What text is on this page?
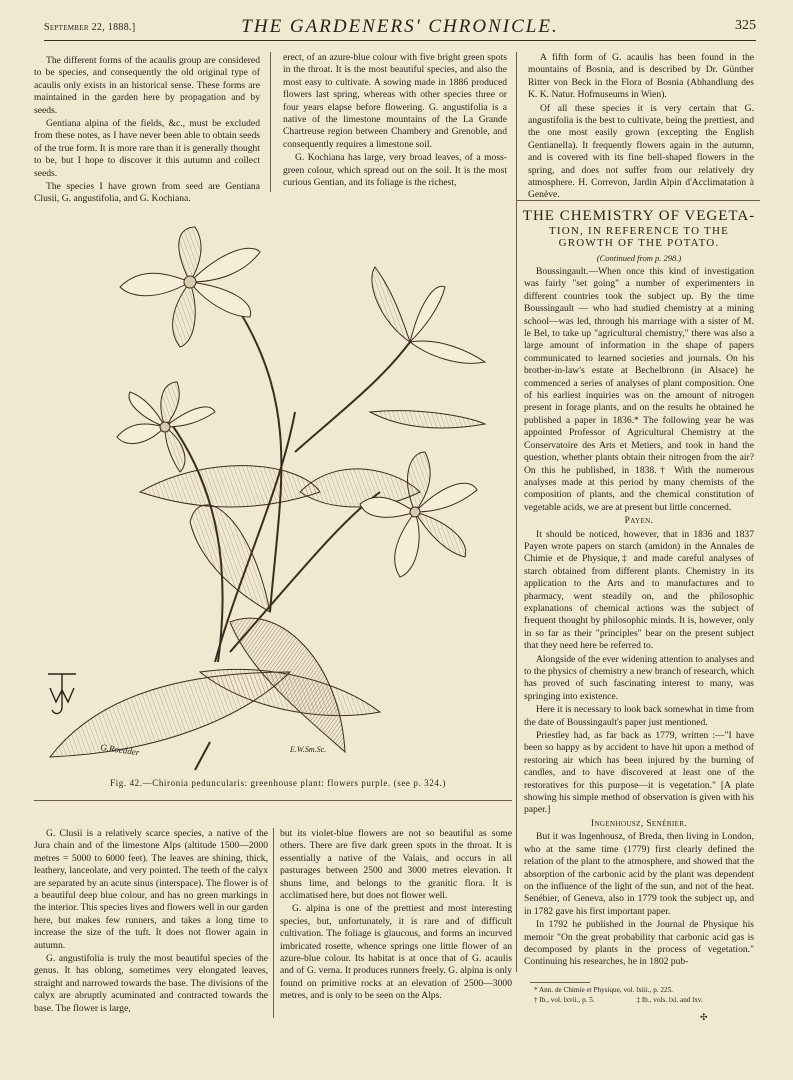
September 22, 1888.]	THE GARDENERS' CHRONICLE.	325

The different forms of the acaulis group are considered to be species, and consequently the old original type of acaulis only exists in an historical sense. These forms are maintained in the garden here by propagation and by seeds.

Gentiana alpina of the fields, &c., must be excluded from these notes, as I have never been able to obtain seeds of the true form. It is more rare than it is generally thought to be, but I hope to discover it this autumn and collect seeds.

The species I have grown from seed are Gentiana Clusii, G. angustifolia, and G. Kochiana.

erect, of an azure-blue colour with five bright green spots in the throat. It is the most beautiful species, and also the most easy to cultivate. A sowing made in 1886 produced flowers last spring, whereas with other species three or four years elapse before flowering. G. angustifolia is a native of the limestone mountains of the La Grande Chartreuse region between Chambery and Grenoble, and consequently requires a limestone soil.

G. Kochiana has large, very broad leaves, of a moss-green colour, which spread out on the soil. It is the most curious Gentian, and its foliage is the richest,

A fifth form of G. acaulis has been found in the mountains of Bosnia, and is described by Dr. Günther Ritter von Beck in the Flora of Bosnia (Abhandlung des K. K. Natur. Hofmuseums in Wien).

Of all these species it is very certain that G. angustifolia is the best to cultivate, being the prettiest, and the one most easily grown (excepting the English Gentianella). It frequently flowers again in the autumn, and is covered with its fine bell-shaped flowers in the spring, and does not suffer from our relatively dry atmosphere. H. Correvon, Jardin Alpin d'Acclimatation à Genève.

G.Roedder	E.W.Sm.Sc.
Fig. 42.—Chironia peduncularis: greenhouse plant: flowers purple. (see p. 324.)

G. Clusii is a relatively scarce species, a native of the Jura chain and of the limestone Alps (altitude 1500—2000 metres = 5000 to 6000 feet). The leaves are shining, thick, leathery, lanceolate, and very pointed. The teeth of the calyx are separated by an acute sinus (interspace). The flower is of a beautiful deep blue colour, and has no green markings in the interior. This species lives and flowers well in our garden here, but makes few runners, and takes a long time to increase the size of the tuft. It does not flower again in autumn.

G. angustifolia is truly the most beautiful species of the genus. It has oblong, sometimes very elongated leaves, straight and narrowed towards the base. The divisions of the calyx are abruptly acuminated and contracted towards the base. The flower is large,

but its violet-blue flowers are not so beautiful as some others. There are five dark green spots in the throat. It is essentially a native of the Valais, and occurs in all pasturages between 2500 and 3000 metres elevation. It shuns lime, and belongs to the granitic flora. It is acclimatised here, but does not flower well.

G. alpina is one of the prettiest and most interesting species, but, unfortunately, it is rare and of difficult cultivation. The foliage is glaucous, and forms an incurved imbricated rosette, whence springs one little flower of an azure-blue colour. Its habitat is at once that of G. acaulis and of G. verna. It produces runners freely. G. alpina is only found on primitive rocks at an elevation of 2500—3000 metres, and is only to be seen on the Alps.

THE CHEMISTRY OF VEGETA-
TION, IN REFERENCE TO THE
GROWTH OF THE POTATO.
(Continued from p. 298.)

Boussingault.—When once this kind of investigation was fairly "set going" a number of experimenters in different countries took the subject up. By the time Boussingault — who had studied chemistry at a mining school—was led, through his marriage with a sister of M. le Bel, to take up "agricultural chemistry," there was also a large amount of information in the shape of papers communicated to learned societies and journals. On his brother-in-law's estate at Bechelbronn (in Alsace) he commenced a series of analyses of plant composition. One of his earliest inquiries was on the amount of nitrogen present in forage plants, and on the results he obtained he published a paper in 1836.* The following year he was appointed Professor of Agricultural Chemistry at the Conservatoire des Arts et Metiers, and took in hand the question, whether plants obtain their nitrogen from the air? On this he published, in 1838.† With the numerous analyses made at this period by many chemists of the composition of plants, and the chemical constitution of vegetable acids, we are at present but little concerned.

Payen.

It should be noticed, however, that in 1836 and 1837 Payen wrote papers on starch (amidon) in the Annales de Chimie et de Physique,‡ and made careful analyses of starch obtained from different plants. Chemistry in its application to the Arts and to manufactures and to pharmacy, went steadily on, and the philosophic explanations of chemical actions was the subject of frequent thought by philosophic minds. It is, however, only in so far as their "principles" bear on the present subject that they need here be referred to.

Alongside of the ever widening attention to analyses and to the physics of chemistry a new branch of research, which has proved of such fascinating interest to many, was springing into existence.

Here it is necessary to look back somewhat in time from the date of Boussingault's paper just mentioned.

Priestley had, as far back as 1779, written :—"I have been so happy as by accident to have hit upon a method of restoring air which has been injured by the burning of candles, and to have discovered at least one of the restoratives for this purpose—it is vegetation." [A plate showing his simple method of observation is given with his paper.]

Ingenhousz, Senébier.

But it was Ingenhousz, of Breda, then living in London, who at the same time (1779) first clearly defined the relation of the plant to the atmosphere, and showed that the absorption of the carbonic acid by the plant was dependent on the influence of the light of the sun, and not of the heat. Senébier, of Geneva, also in 1779 took the subject up, and in 1782 gave his first important paper.

In 1792 he published in the Journal de Physique his memoir "On the great probability that carbonic acid gas is decomposed by plants in the process of vegetation." Continuing his researches, he in 1802 pub-

* Ann. de Chimie et Physique, vol. lxiii., p. 225.
† Ib., vol. lxvii., p. 5.	‡ Ib., vols. lxi. and lxv.
✣
